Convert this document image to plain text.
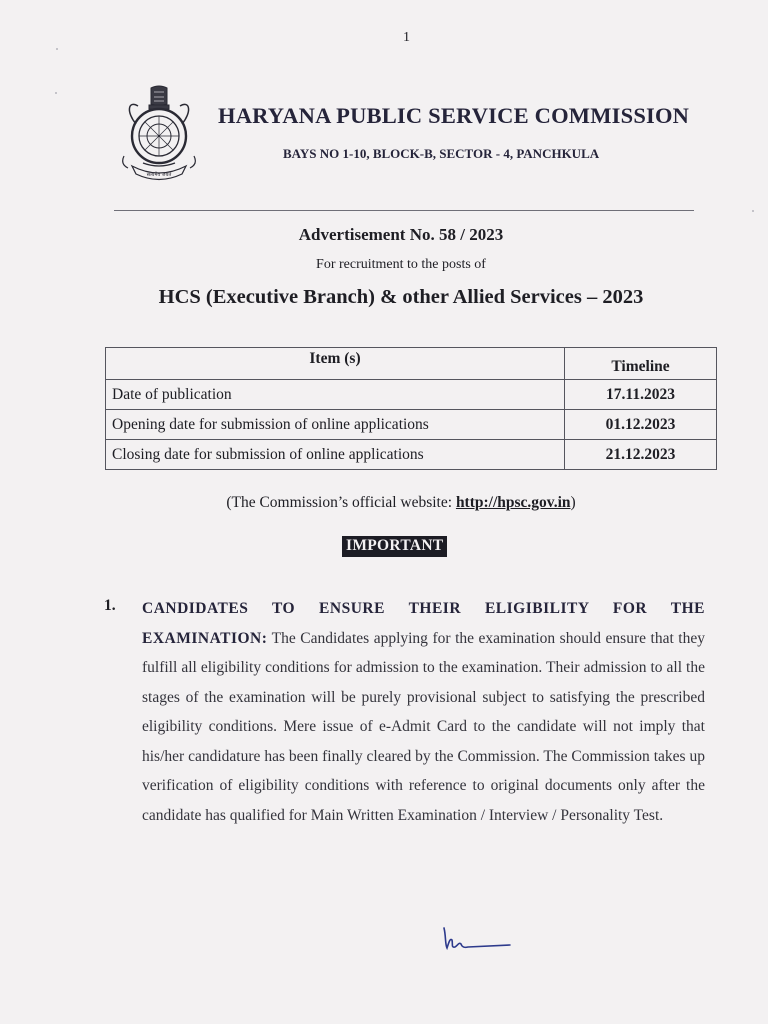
1
सत्यमेव जयते
HARYANA PUBLIC SERVICE COMMISSION
BAYS NO 1-10, BLOCK-B, SECTOR - 4, PANCHKULA
Advertisement No. 58 / 2023
For recruitment to the posts of
HCS (Executive Branch) & other Allied Services – 2023
Item (s)	Timeline
Date of publication	17.11.2023
Opening date for submission of online applications	01.12.2023
Closing date for submission of online applications	21.12.2023
(The Commission’s official website: http://hpsc.gov.in)
IMPORTANT
1. CANDIDATES TO ENSURE THEIR ELIGIBILITY FOR THE EXAMINATION: The Candidates applying for the examination should ensure that they fulfill all eligibility conditions for admission to the examination. Their admission to all the stages of the examination will be purely provisional subject to satisfying the prescribed eligibility conditions. Mere issue of e-Admit Card to the candidate will not imply that his/her candidature has been finally cleared by the Commission. The Commission takes up verification of eligibility conditions with reference to original documents only after the candidate has qualified for Main Written Examination / Interview / Personality Test.
